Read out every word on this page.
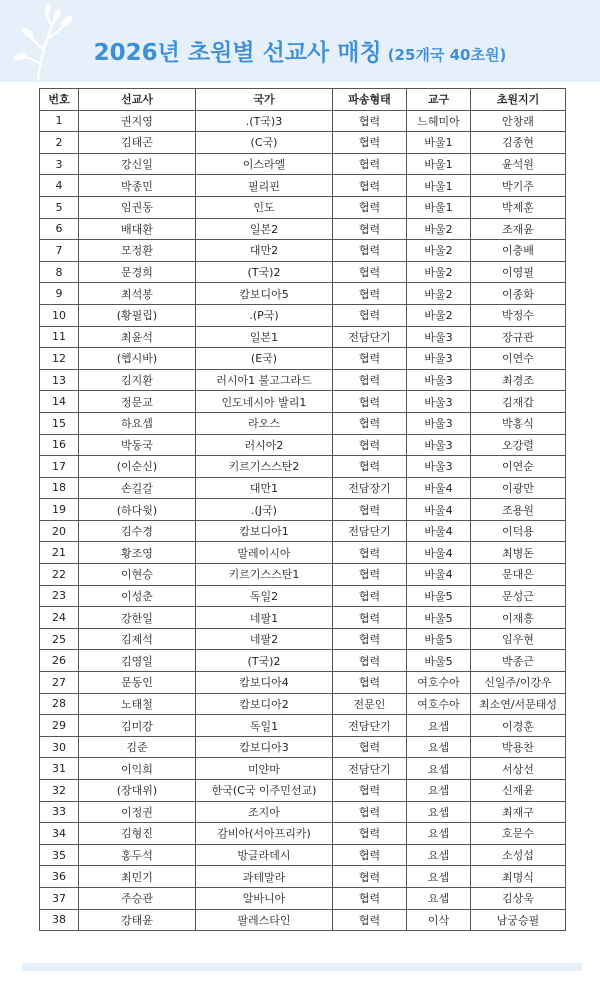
2026년 초원별 선교사 매칭 (25개국 40초원)
번호	선교사	국가	파송형태	교구	초원지기
1	권지영	.(T국)3	협력	느헤미아	안창래
2	김태곤	(C국)	협력	바울1	김종현
3	강신일	이스라엘	협력	바울1	윤석원
4	박종민	필리핀	협력	바울1	박기주
5	임권동	인도	협력	바울1	박제훈
6	배대환	일본2	협력	바울2	조재윤
7	모정환	대만2	협력	바울2	이충배
8	문경희	(T국)2	협력	바울2	이영필
9	최석봉	캄보디아5	협력	바울2	이종화
10	(황필립)	.(P국)	협력	바울2	박정수
11	최윤석	일본1	전담단기	바울3	장규관
12	(헵시바)	(E국)	협력	바울3	이연수
13	김지환	러시아1 불고그라드	협력	바울3	최경조
14	정문교	인도네시아 발리1	협력	바울3	김재갑
15	하요셉	라오스	협력	바울3	박홍식
16	박동국	러시아2	협력	바울3	오강렬
17	(이순신)	키르기스스탄2	협력	바울3	이연순
18	손길갈	대만1	전담장기	바울4	이광만
19	(하다윗)	.(J국)	협력	바울4	조용원
20	김수경	캄보디아1	전담단기	바울4	이덕용
21	황조영	말레이시아	협력	바울4	최병돈
22	이현승	키르기스스탄1	협력	바울4	문대은
23	이성춘	독일2	협력	바울5	문성근
24	강한일	네팔1	협력	바울5	이재흥
25	김제석	네팔2	협력	바울5	임우현
26	김영일	(T국)2	협력	바울5	박종근
27	문동인	캄보디아4	협력	여호수아	신일주/이강우
28	노태철	캄보디아2	전문인	여호수아	최소연/서문태성
29	김미강	독일1	전담단기	요셉	이경훈
30	김준	캄보디아3	협력	요셉	박용찬
31	이익희	미얀마	전담단기	요셉	서상선
32	(장대위)	한국(C국 이주민선교)	협력	요셉	신재윤
33	이정권	조지아	협력	요셉	최재구
34	김형진	감비아(서아프리카)	협력	요셉	호문수
35	홍두석	방글라데시	협력	요셉	소성섭
36	최민기	과테말라	협력	요셉	최명식
37	주승관	알바니아	협력	요셉	김상욱
38	강태윤	팔레스타인	협력	이삭	남궁승필
